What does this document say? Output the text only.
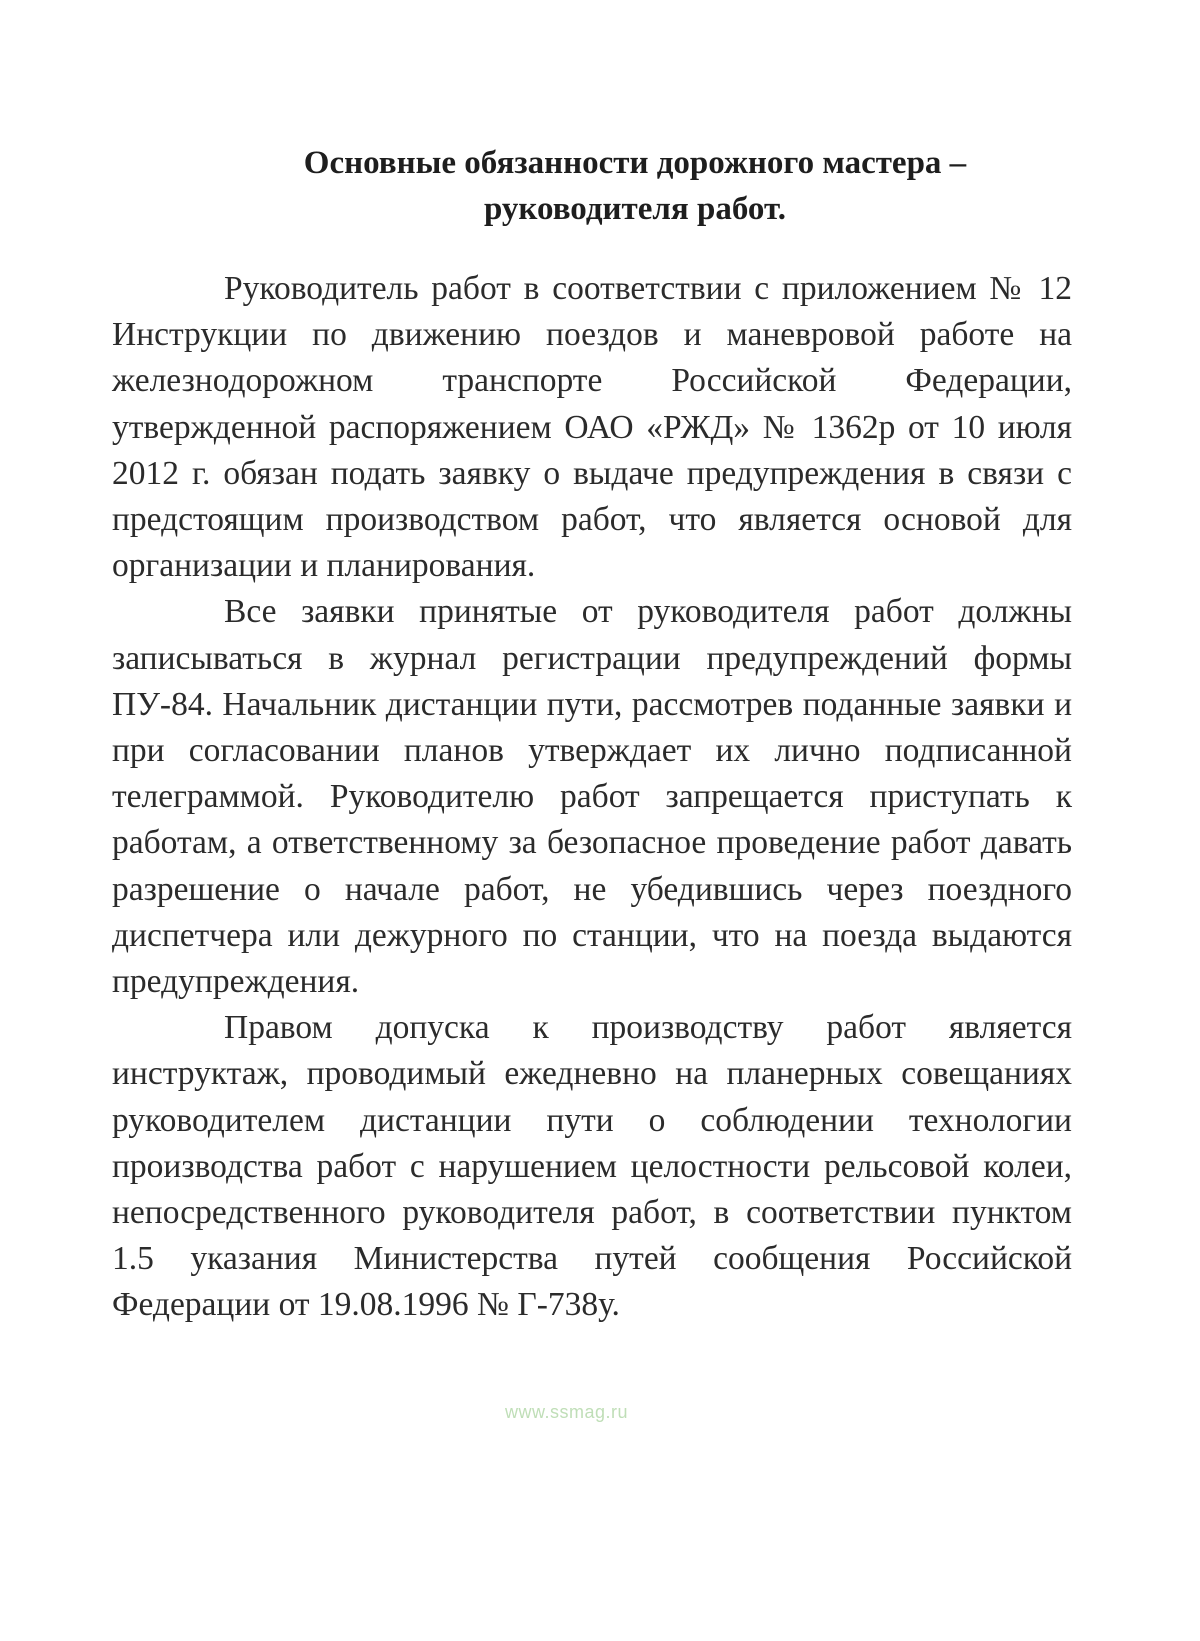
Основные обязанности дорожного мастера –
руководителя работ.

Руководитель работ в соответствии с приложением № 12 Инструкции по движению поездов и маневровой работе на железнодорожном транспорте Российской Федерации, утвержденной распоряжением ОАО «РЖД» № 1362р от 10 июля 2012 г. обязан подать заявку о выдаче предупреждения в связи с предстоящим производством работ, что является основой для организации и планирования.

Все заявки принятые от руководителя работ должны записываться в журнал регистрации предупреждений формы ПУ-84. Начальник дистанции пути, рассмотрев поданные заявки и при согласовании планов утверждает их лично подписанной телеграммой. Руководителю работ запрещается приступать к работам, а ответственному за безопасное проведение работ давать разрешение о начале работ, не убедившись через поездного диспетчера или дежурного по станции, что на поезда выдаются предупреждения.

Правом допуска к производству работ является инструктаж, проводимый ежедневно на планерных совещаниях руководителем дистанции пути о соблюдении технологии производства работ с нарушением целостности рельсовой колеи, непосредственного руководителя работ, в соответствии пунктом 1.5 указания Министерства путей сообщения Российской Федерации от 19.08.1996 № Г-738у.

www.ssmag.ru
